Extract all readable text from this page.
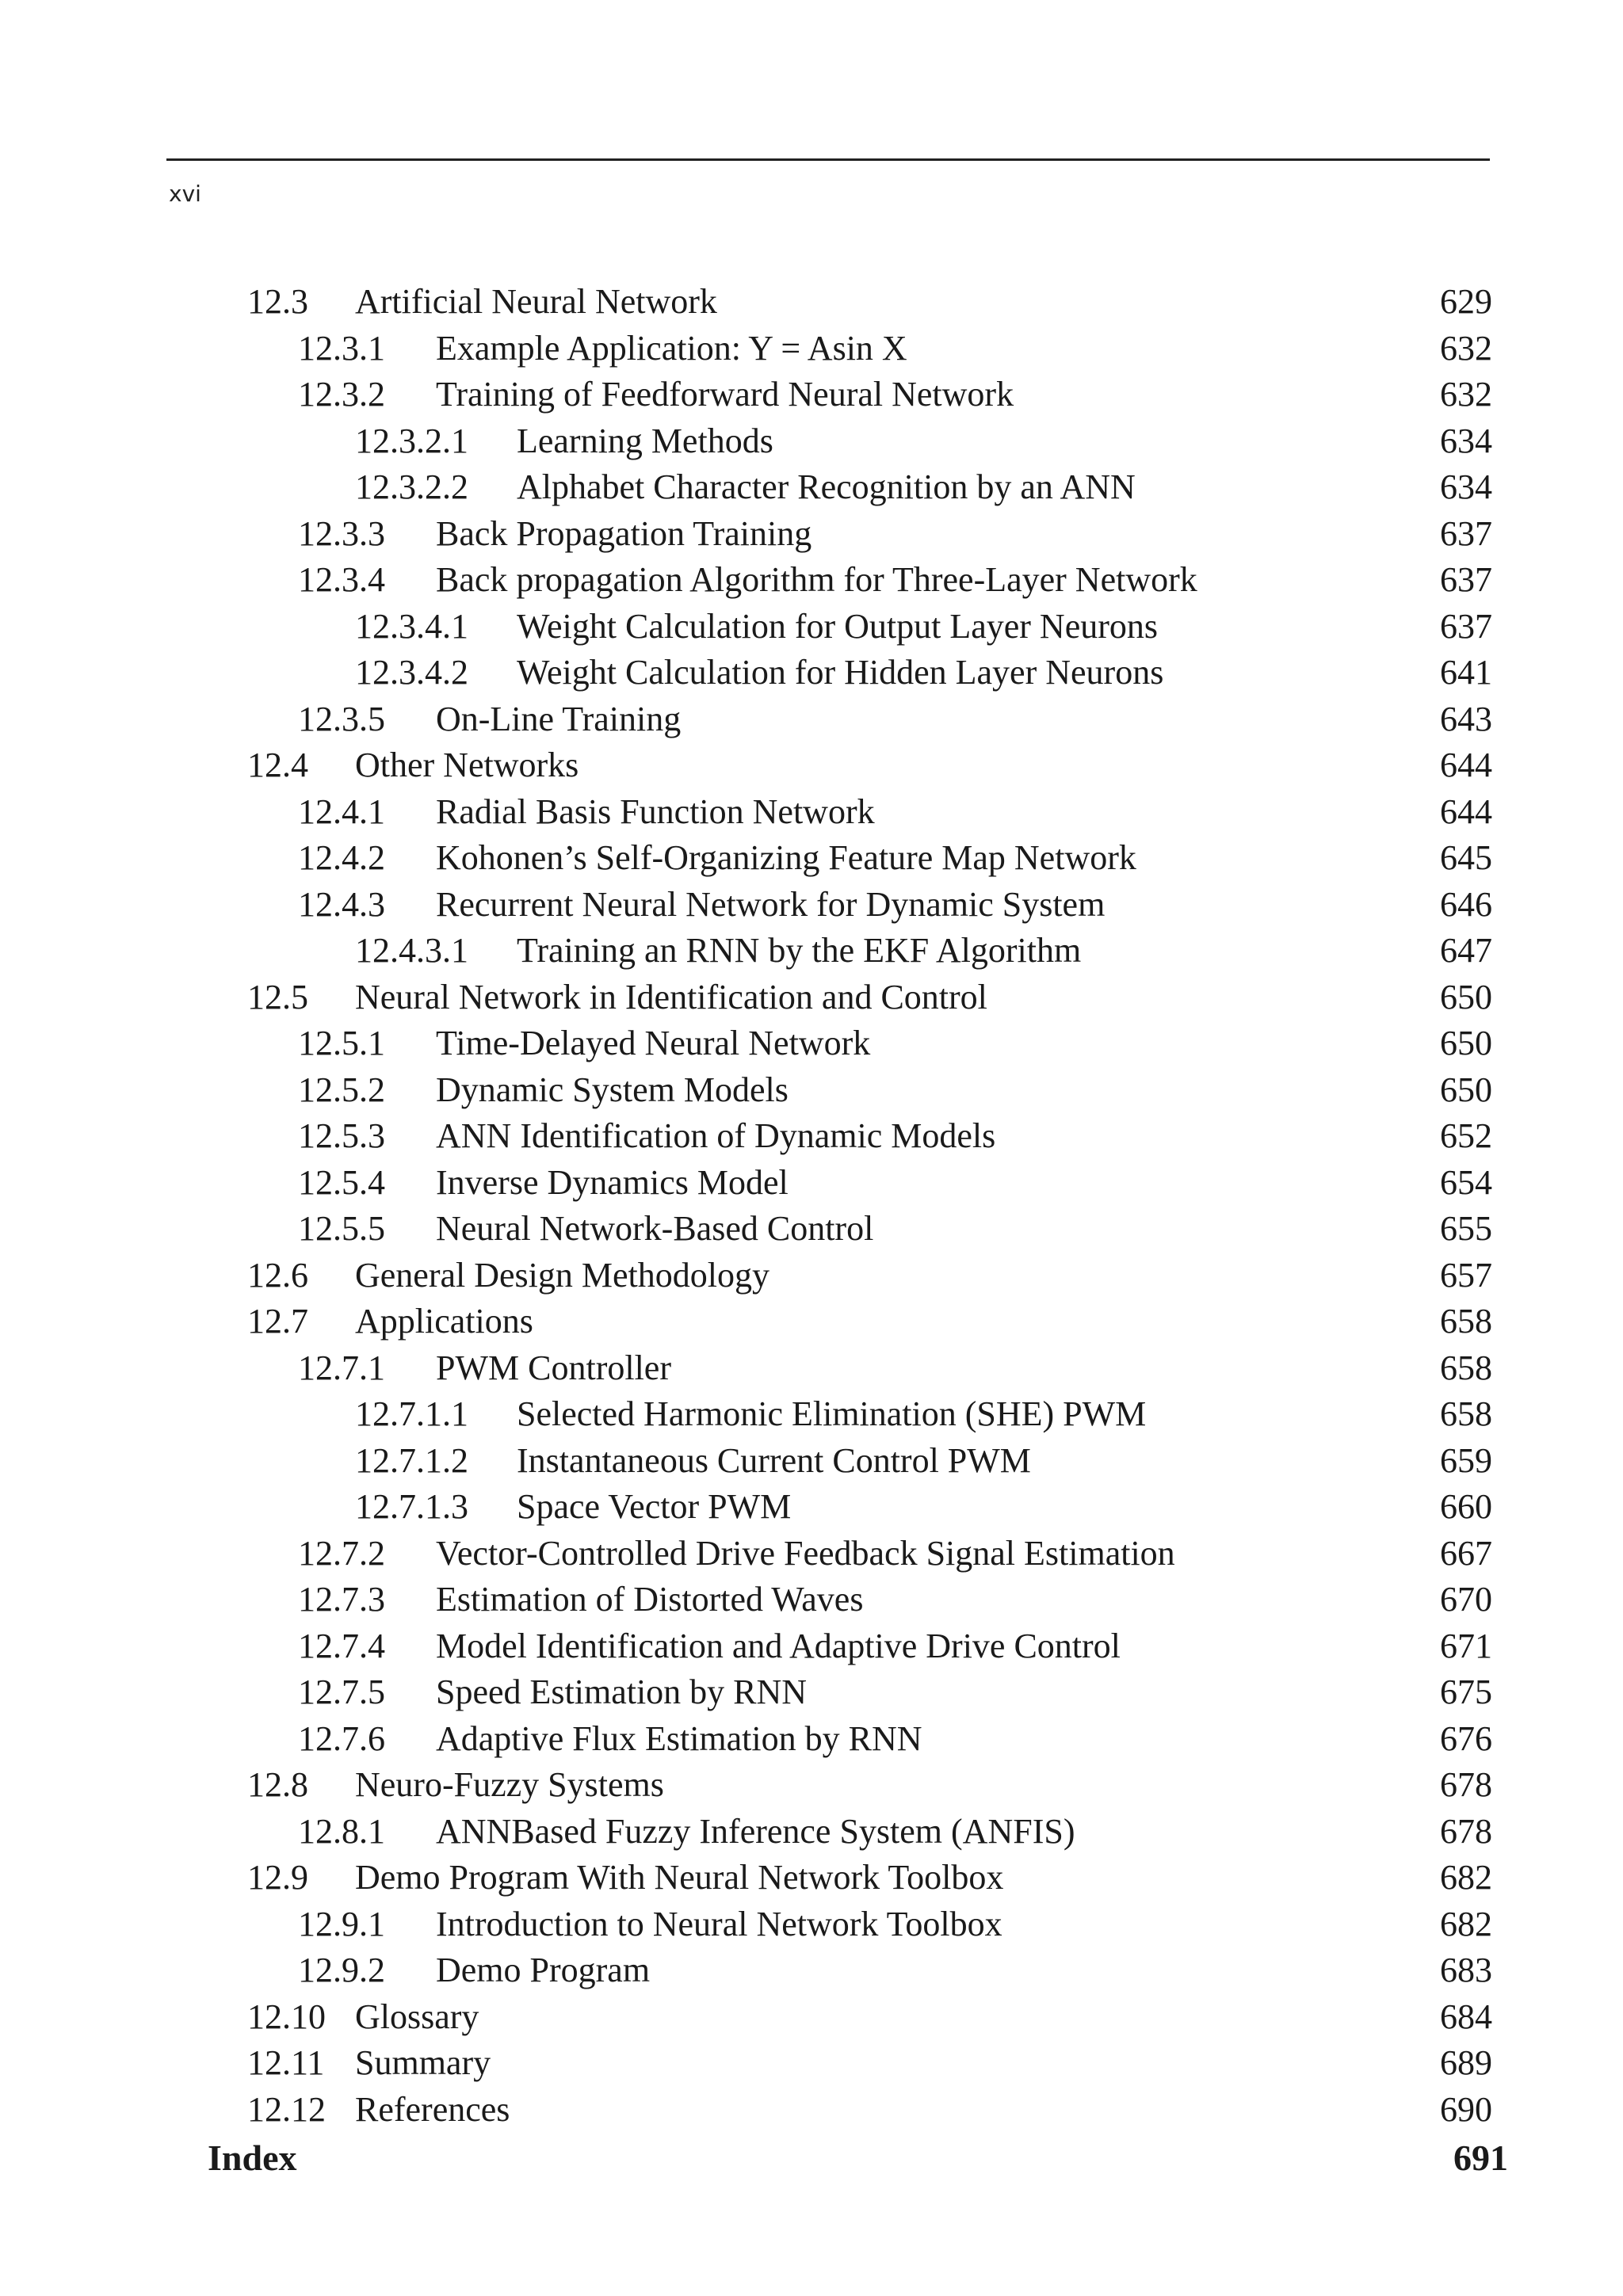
xvi
12.3 Artificial Neural Network	629
12.3.1 Example Application: Y = Asin X	632
12.3.2 Training of Feedforward Neural Network	632
12.3.2.1 Learning Methods	634
12.3.2.2 Alphabet Character Recognition by an ANN	634
12.3.3 Back Propagation Training	637
12.3.4 Back propagation Algorithm for Three-Layer Network	637
12.3.4.1 Weight Calculation for Output Layer Neurons	637
12.3.4.2 Weight Calculation for Hidden Layer Neurons	641
12.3.5 On-Line Training	643
12.4 Other Networks	644
12.4.1 Radial Basis Function Network	644
12.4.2 Kohonen’s Self-Organizing Feature Map Network	645
12.4.3 Recurrent Neural Network for Dynamic System	646
12.4.3.1 Training an RNN by the EKF Algorithm	647
12.5 Neural Network in Identification and Control	650
12.5.1 Time-Delayed Neural Network	650
12.5.2 Dynamic System Models	650
12.5.3 ANN Identification of Dynamic Models	652
12.5.4 Inverse Dynamics Model	654
12.5.5 Neural Network-Based Control	655
12.6 General Design Methodology	657
12.7 Applications	658
12.7.1 PWM Controller	658
12.7.1.1 Selected Harmonic Elimination (SHE) PWM	658
12.7.1.2 Instantaneous Current Control PWM	659
12.7.1.3 Space Vector PWM	660
12.7.2 Vector-Controlled Drive Feedback Signal Estimation	667
12.7.3 Estimation of Distorted Waves	670
12.7.4 Model Identification and Adaptive Drive Control	671
12.7.5 Speed Estimation by RNN	675
12.7.6 Adaptive Flux Estimation by RNN	676
12.8 Neuro-Fuzzy Systems	678
12.8.1 ANNBased Fuzzy Inference System (ANFIS)	678
12.9 Demo Program With Neural Network Toolbox	682
12.9.1 Introduction to Neural Network Toolbox	682
12.9.2 Demo Program	683
12.10 Glossary	684
12.11 Summary	689
12.12 References	690
Index	691
